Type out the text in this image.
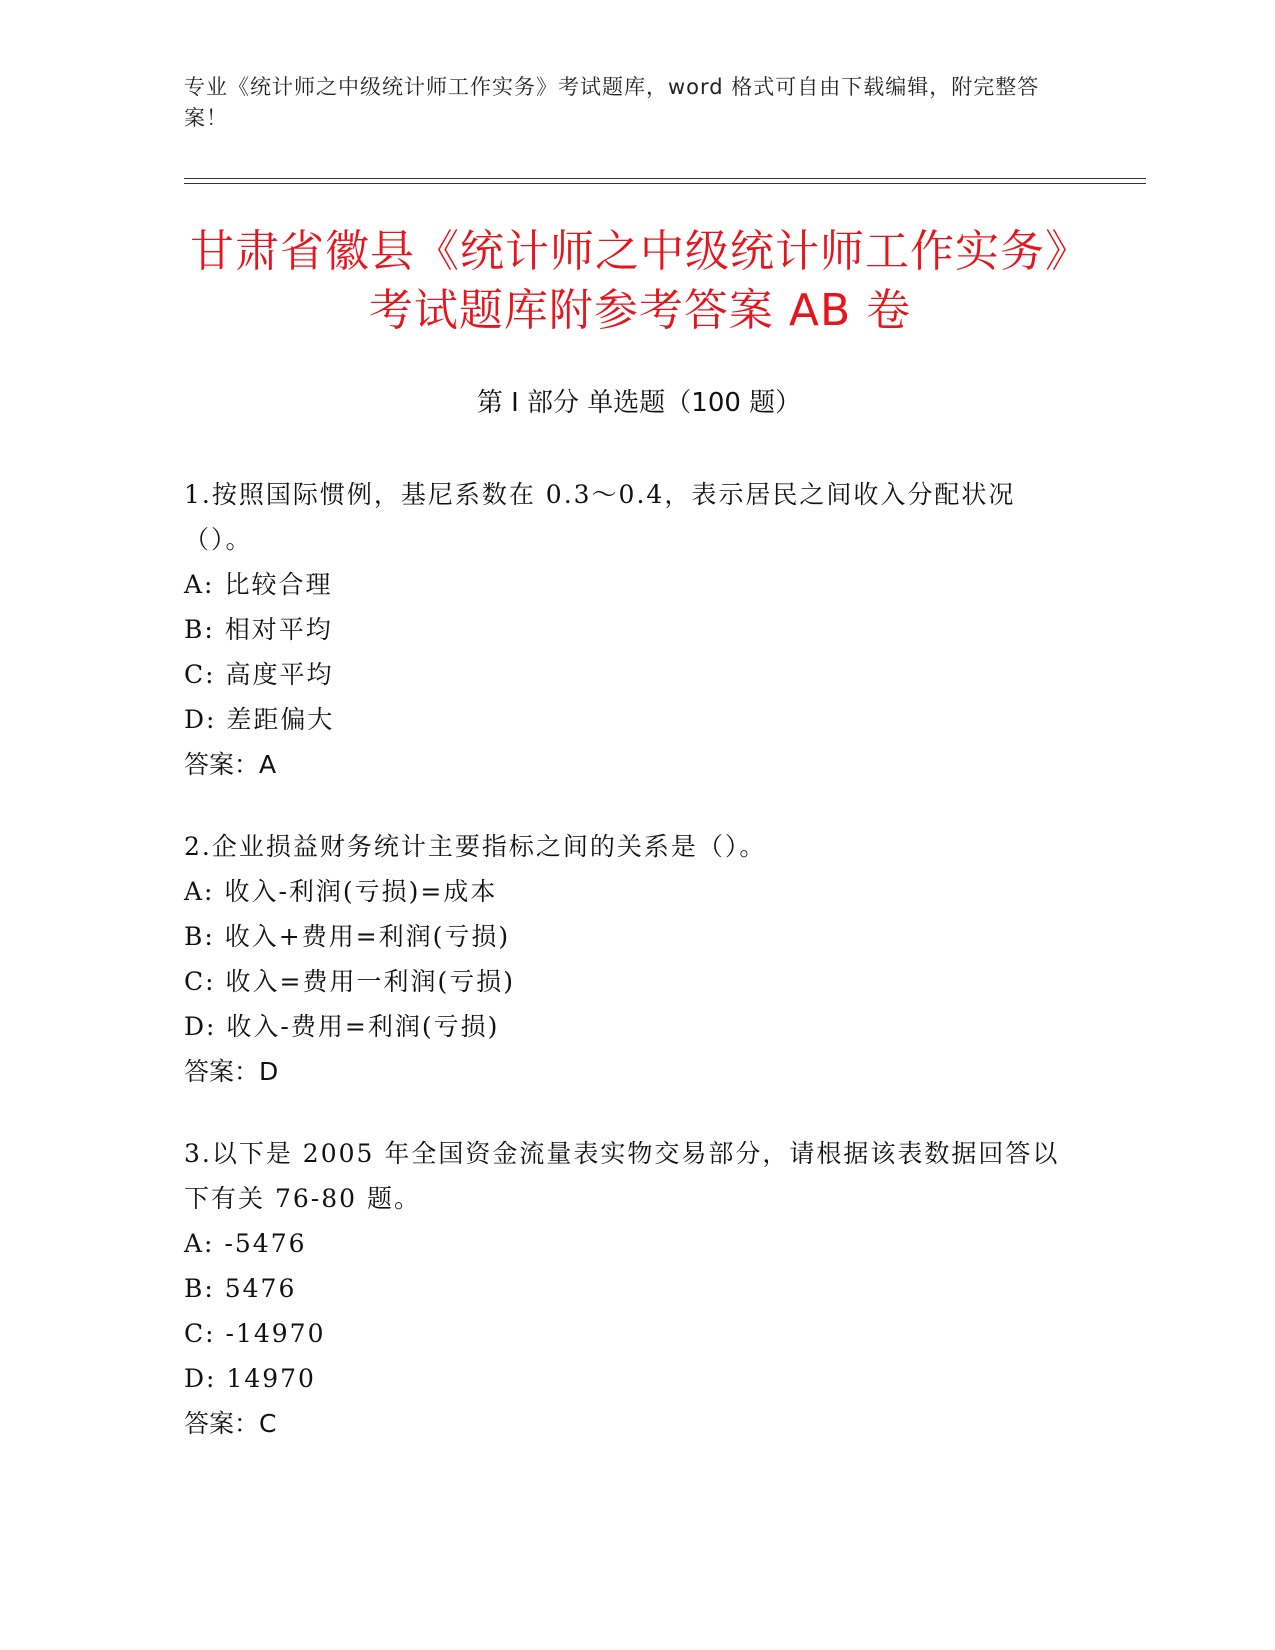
专业《统计师之中级统计师工作实务》考试题库，word 格式可自由下载编辑，附完整答案！
甘肃省徽县《统计师之中级统计师工作实务》考试题库附参考答案 AB 卷
第 I 部分 单选题（100 题）
1.按照国际惯例，基尼系数在 0.3～0.4，表示居民之间收入分配状况（）。
A: 比较合理
B: 相对平均
C: 高度平均
D: 差距偏大
答案：A
2.企业损益财务统计主要指标之间的关系是（）。
A: 收入-利润(亏损)=成本
B: 收入+费用=利润(亏损)
C: 收入=费用一利润(亏损)
D: 收入-费用=利润(亏损)
答案：D
3.以下是 2005 年全国资金流量表实物交易部分，请根据该表数据回答以下有关 76-80 题。
A: -5476
B: 5476
C: -14970
D: 14970
答案：C
